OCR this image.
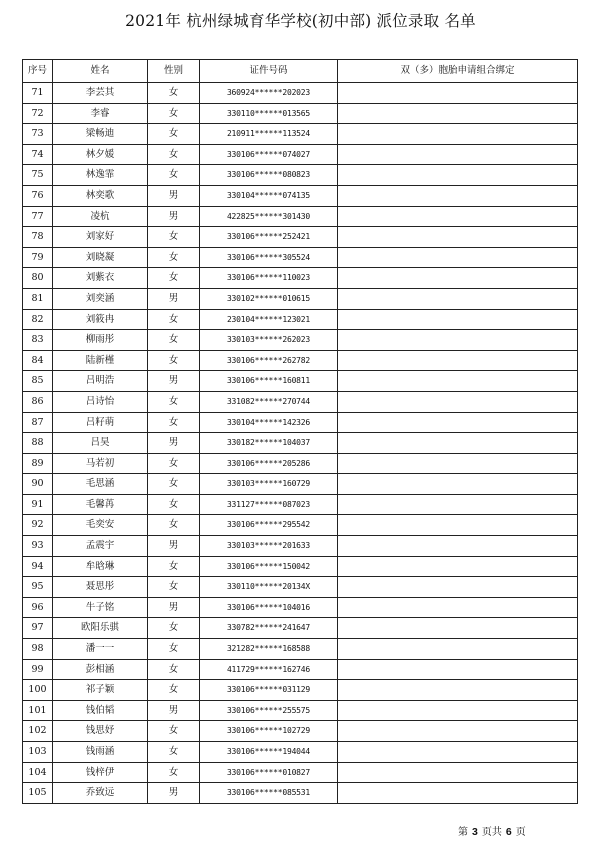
2021年 杭州绿城育华学校(初中部) 派位录取 名单
序号	姓名	性别	证件号码	双（多）胞胎申请组合绑定
71	李芸其	女	360924******202023	
72	李睿	女	330110******013565	
73	梁畅迪	女	210911******113524	
74	林夕媛	女	330106******074027	
75	林逸霏	女	330106******080823	
76	林奕歌	男	330104******074135	
77	凌杭	男	422825******301430	
78	刘家好	女	330106******252421	
79	刘晓凝	女	330106******305524	
80	刘紫衣	女	330106******110023	
81	刘奕涵	男	330102******010615	
82	刘筱冉	女	230104******123021	
83	柳雨彤	女	330103******262023	
84	陆新槿	女	330106******262782	
85	吕明浩	男	330106******160811	
86	吕诗怡	女	331082******270744	
87	吕籽萌	女	330104******142326	
88	吕昊	男	330182******104037	
89	马若初	女	330106******205286	
90	毛思涵	女	330103******160729	
91	毛馨苒	女	331127******087023	
92	毛奕安	女	330106******295542	
93	孟震宇	男	330103******201633	
94	牟晗琳	女	330106******150042	
95	聂思彤	女	330110******20134X	
96	牛子铭	男	330106******104016	
97	欧阳乐骐	女	330782******241647	
98	潘一一	女	321282******168588	
99	彭相涵	女	411729******162746	
100	祁子颖	女	330106******031129	
101	钱伯韬	男	330106******255575	
102	钱思妤	女	330106******102729	
103	钱雨涵	女	330106******194044	
104	钱梓伊	女	330106******010827	
105	乔致远	男	330106******085531	
第 3 页共 6 页
